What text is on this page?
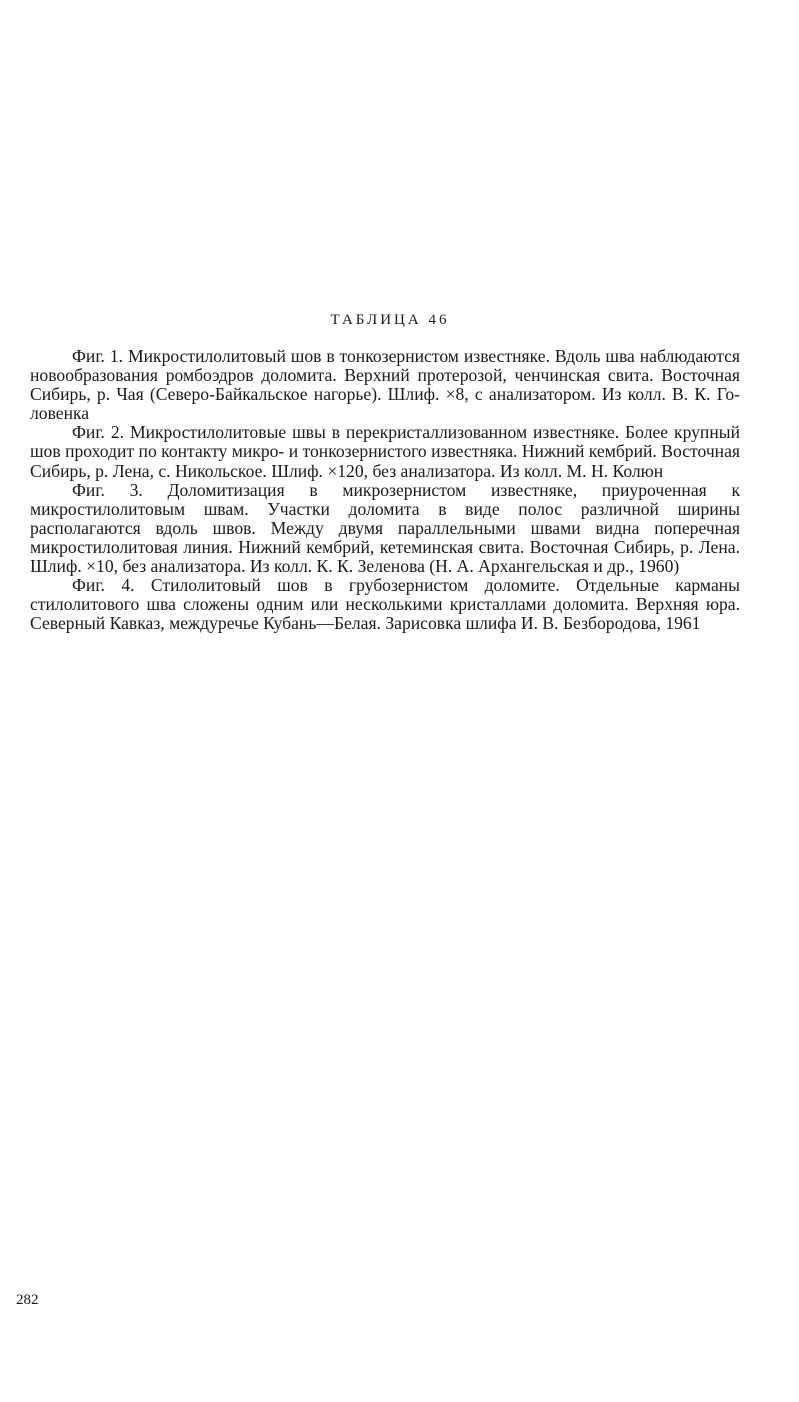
ТАБЛИЦА 46

Фиг. 1. Микростилолитовый шов в тонкозернистом известняке. Вдоль шва наблюдаются новообразования ромбоэдров доломита. Верхний протерозой, ченчинская свита. Восточная Сибирь, р. Чая (Северо-Байкальское нагорье). Шлиф. ×8, с анализатором. Из колл. В. К. Головенка

Фиг. 2. Микростилолитовые швы в перекристаллизованном известняке. Более крупный шов проходит по контакту микро- и тонкозернистого известняка. Нижний кембрий. Восточная Сибирь, р. Лена, с. Никольское. Шлиф. ×120, без анализатора. Из колл. М. Н. Колюн

Фиг. 3. Доломитизация в микрозернистом известняке, приуроченная к микростилолитовым швам. Участки доломита в виде полос различной ширины располагаются вдоль швов. Между двумя параллельными швами видна поперечная микростилолитовая линия. Нижний кембрий, кетеминская свита. Восточная Сибирь, р. Лена. Шлиф. ×10, без анализатора. Из колл. К. К. Зеленова (Н. А. Архангельская и др., 1960)

Фиг. 4. Стилолитовый шов в грубозернистом доломите. Отдельные карманы стилолитового шва сложены одним или несколькими кристаллами доломита. Верхняя юра. Северный Кавказ, междуречье Кубань—Белая. Зарисовка шлифа И. В. Безбородова, 1961

282
